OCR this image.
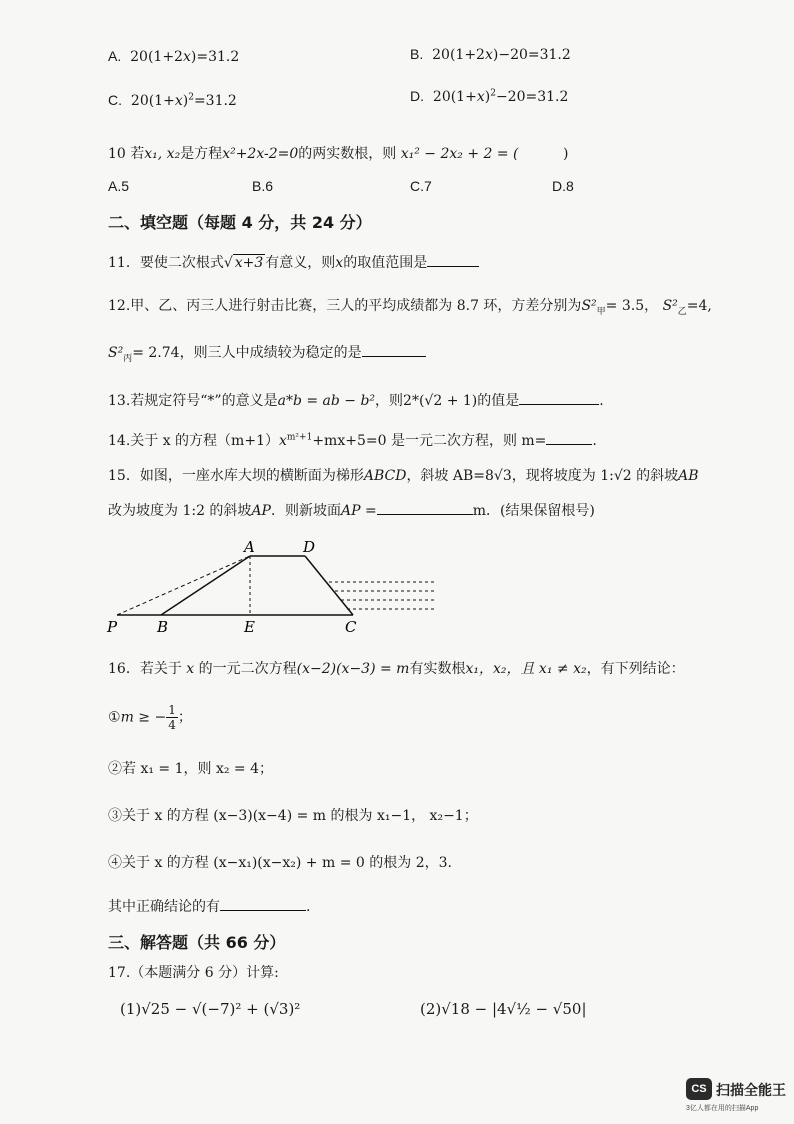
A. 20(1+2x)=31.2	B. 20(1+2x)−20=31.2
C. $20(1+x)^2=31.2$	D. $20(1+x)^2-20=31.2$
10 若x₁, x₂是方程x²+2x-2=0的两实数根，则 x₁² − 2x₂ + 2 = (	)
A.5	B.6	C.7	D.8
二、填空题（每题 4 分，共 24 分）
11．要使二次根式√ x+3 有意义，则x的取值范围是
12.甲、乙、丙三人进行射击比赛，三人的平均成绩都为 8.7 环，方差分别为$S^2_甲= 3.5$， $S^2_乙=4$,
$S^2_丙= 2.74$，则三人中成绩较为稳定的是
13.若规定符号“*”的意义是a*b = ab − b²，则2*(√2 + 1)的值是	.
14.关于 x 的方程$(m+1)x^{m^2+1}+mx+5=0$ 是一元二次方程，则 m=	.
15．如图，一座水库大坝的横断面为梯形ABCD，斜坡 AB=8√3，现将坡度为 1:√2 的斜坡AB
改为坡度为 1:2 的斜坡AP．则新坡面AP =	m．(结果保留根号)
A	D
P	B	E	C
16．若关于 x 的一元二次方程(x−2)(x−3) = m有实数根x₁，x₂，且 x₁ ≠ x₂，有下列结论：
①m ≥ − $\frac{1}{4}$ ；
②若 x₁ = 1，则 x₂ = 4；
③关于 x 的方程 (x−3)(x−4) = m 的根为 x₁−1， x₂−1；
④关于 x 的方程 (x−x₁)(x−x₂) + m = 0 的根为 2，3.
其中正确结论的有	.
三、解答题（共 66 分）
17.（本题满分 6 分）计算:
(1)√25 − √(−7)² + (√3)²	(2)√18 − |4√½ − √50|
CS 扫描全能王
3亿人都在用的扫描App
